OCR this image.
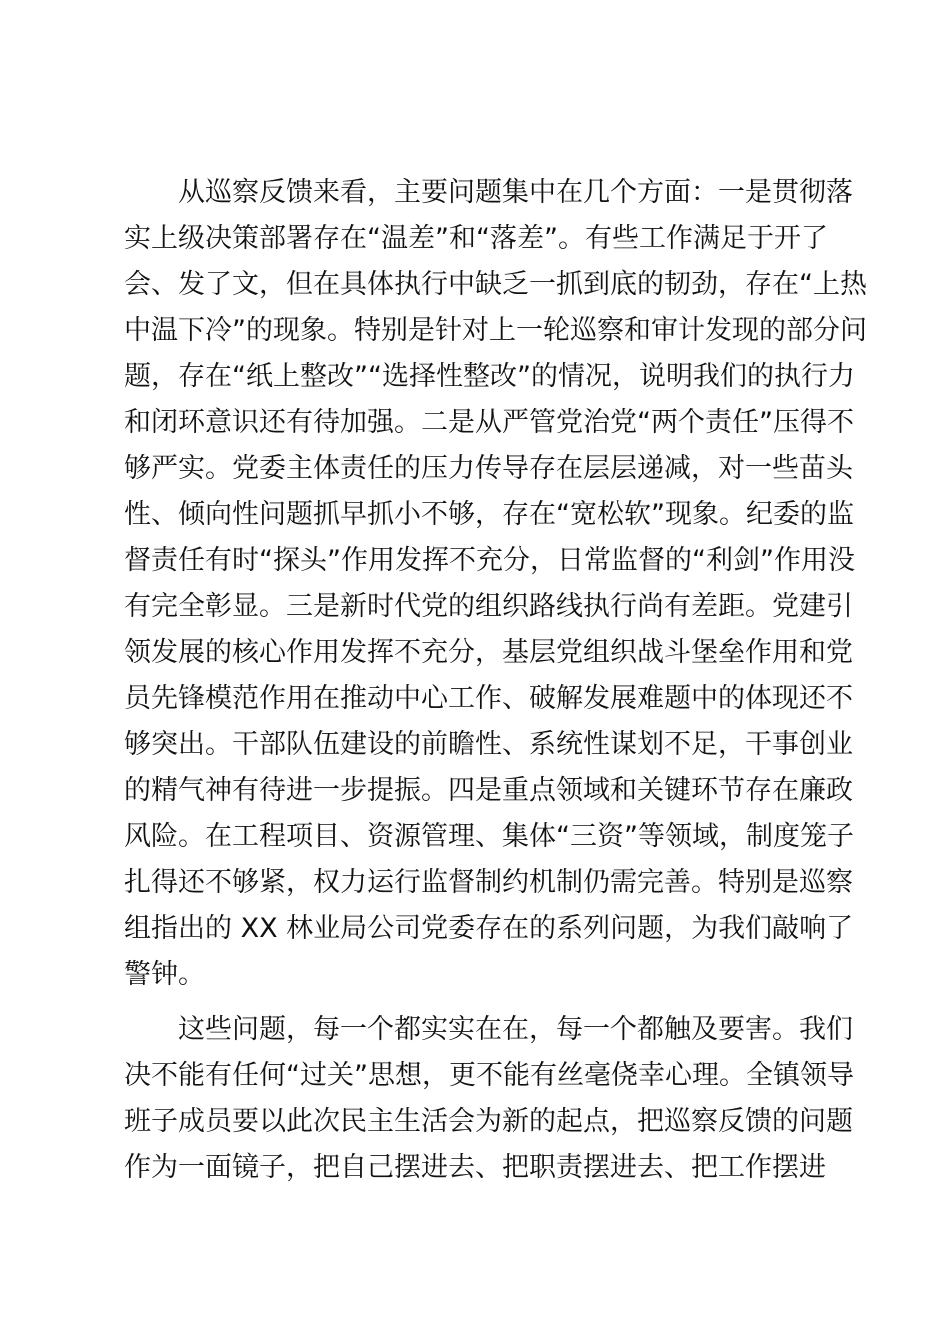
从巡察反馈来看，主要问题集中在几个方面：一是贯彻落
实上级决策部署存在“温差”和“落差”。有些工作满足于开了
会、发了文，但在具体执行中缺乏一抓到底的韧劲，存在“上热
中温下冷”的现象。特别是针对上一轮巡察和审计发现的部分问
题，存在“纸上整改”“选择性整改”的情况，说明我们的执行力
和闭环意识还有待加强。二是从严管党治党“两个责任”压得不
够严实。党委主体责任的压力传导存在层层递减，对一些苗头
性、倾向性问题抓早抓小不够，存在“宽松软”现象。纪委的监
督责任有时“探头”作用发挥不充分，日常监督的“利剑”作用没
有完全彰显。三是新时代党的组织路线执行尚有差距。党建引
领发展的核心作用发挥不充分，基层党组织战斗堡垒作用和党
员先锋模范作用在推动中心工作、破解发展难题中的体现还不
够突出。干部队伍建设的前瞻性、系统性谋划不足，干事创业
的精气神有待进一步提振。四是重点领域和关键环节存在廉政
风险。在工程项目、资源管理、集体“三资”等领域，制度笼子
扎得还不够紧，权力运行监督制约机制仍需完善。特别是巡察
组指出的 XX 林业局公司党委存在的系列问题，为我们敲响了
警钟。
这些问题，每一个都实实在在，每一个都触及要害。我们
决不能有任何“过关”思想，更不能有丝毫侥幸心理。全镇领导
班子成员要以此次民主生活会为新的起点，把巡察反馈的问题
作为一面镜子，把自己摆进去、把职责摆进去、把工作摆进
